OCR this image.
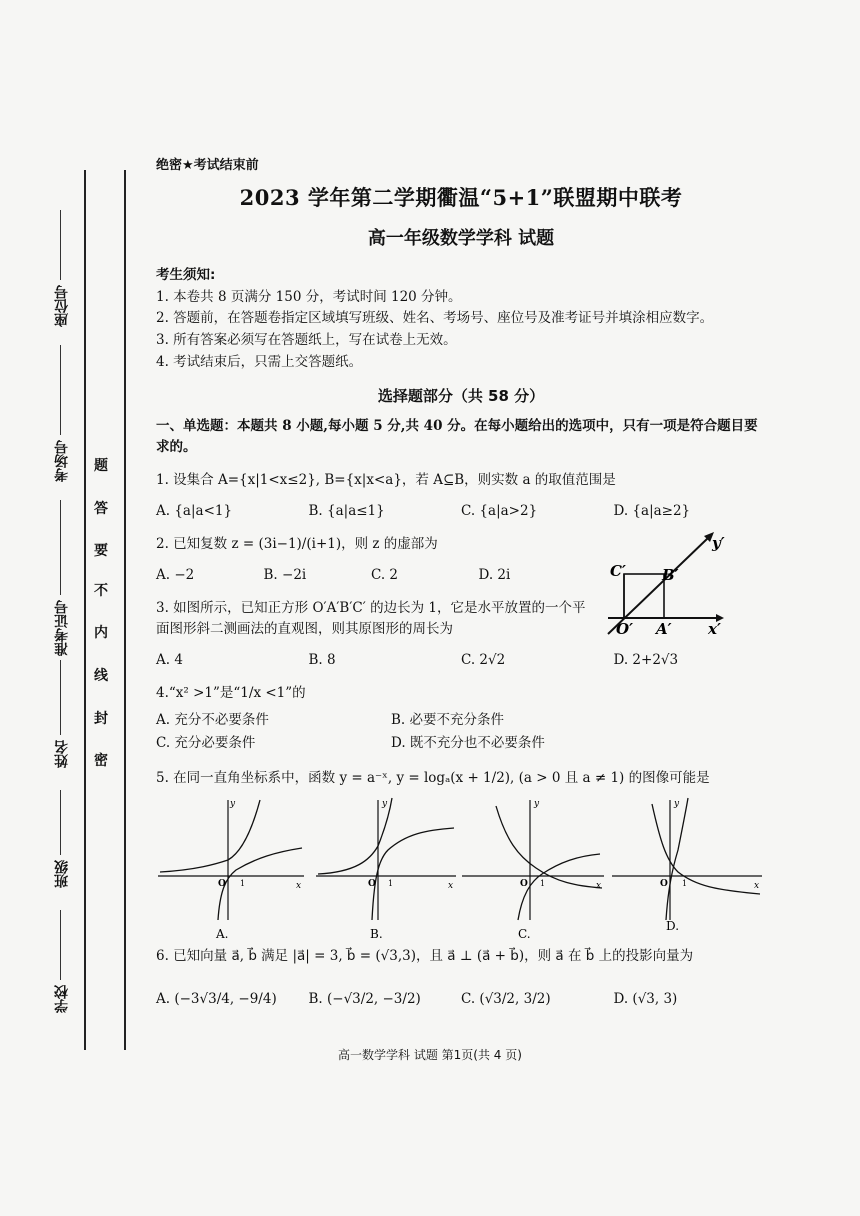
座位号
考场号
准考证号
姓名
班级
学校
题
答
要
不
内
线
封
密
绝密★考试结束前
2023 学年第二学期衢温“5+1”联盟期中联考
高一年级数学学科 试题
考生须知:
1. 本卷共 8 页满分 150 分，考试时间 120 分钟。
2. 答题前，在答题卷指定区域填写班级、姓名、考场号、座位号及准考证号并填涂相应数字。
3. 所有答案必须写在答题纸上，写在试卷上无效。
4. 考试结束后，只需上交答题纸。
选择题部分（共 58 分）
一、单选题：本题共 8 小题,每小题 5 分,共 40 分。在每小题给出的选项中，只有一项是符合题目要求的。
1. 设集合 A={x|1<x≤2}, B={x|x<a}，若 A⊆B，则实数 a 的取值范围是
A. {a|a<1}	B. {a|a≤1}	C. {a|a>2}	D. {a|a≥2}
2. 已知复数 z = (3i−1)/(i+1)，则 z 的虚部为
A. −2	B. −2i	C. 2	D. 2i
3. 如图所示，已知正方形 O′A′B′C′ 的边长为 1，它是水平放置的一个平面图形斜二测画法的直观图，则其原图形的周长为
A. 4	B. 8	C. 2√2	D. 2+2√3
4.“x² >1”是“1/x <1”的
A. 充分不必要条件	B. 必要不充分条件
C. 充分必要条件	D. 既不充分也不必要条件
5. 在同一直角坐标系中，函数 y = a⁻ˣ, y = logₐ(x + 1/2), (a > 0 且 a ≠ 1) 的图像可能是
C′ B′
O′ A′ x′
y′
y
x
O 1
A.
y
x
O 1
B.
y
x
O 1
C.
y
x
O 1
D.
6. 已知向量 a⃗, b⃗ 满足 |a⃗| = 3, b⃗ = (√3,3)，且 a⃗ ⊥ (a⃗ + b⃗)，则 a⃗ 在 b⃗ 上的投影向量为
A. (−3√3/4, −9/4)	B. (−√3/2, −3/2)	C. (√3/2, 3/2)	D. (√3, 3)
高一数学学科 试题 第1页(共 4 页)
